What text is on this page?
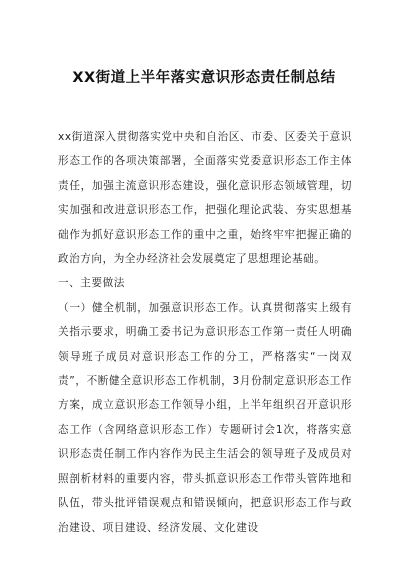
XX街道上半年落实意识形态责任制总结

xx街道深入贯彻落实党中央和自治区、市委、区委关于意识形态工作的各项决策部署，全面落实党委意识形态工作主体责任，加强主流意识形态建设，强化意识形态领域管理，切实加强和改进意识形态工作，把强化理论武装、夯实思想基础作为抓好意识形态工作的重中之重，始终牢牢把握正确的政治方向，为全办经济社会发展奠定了思想理论基础。

一、主要做法

（一）健全机制，加强意识形态工作。认真贯彻落实上级有关指示要求，明确工委书记为意识形态工作第一责任人明确领导班子成员对意识形态工作的分工，严格落实“一岗双责”，不断健全意识形态工作机制，3月份制定意识形态工作方案，成立意识形态工作领导小组，上半年组织召开意识形态工作（含网络意识形态工作）专题研讨会1次，将落实意识形态责任制工作内容作为民主生活会的领导班子及成员对照剖析材料的重要内容，带头抓意识形态工作带头管阵地和队伍，带头批评错误观点和错误倾向，把意识形态工作与政治建设、项目建设、经济发展、文化建设
